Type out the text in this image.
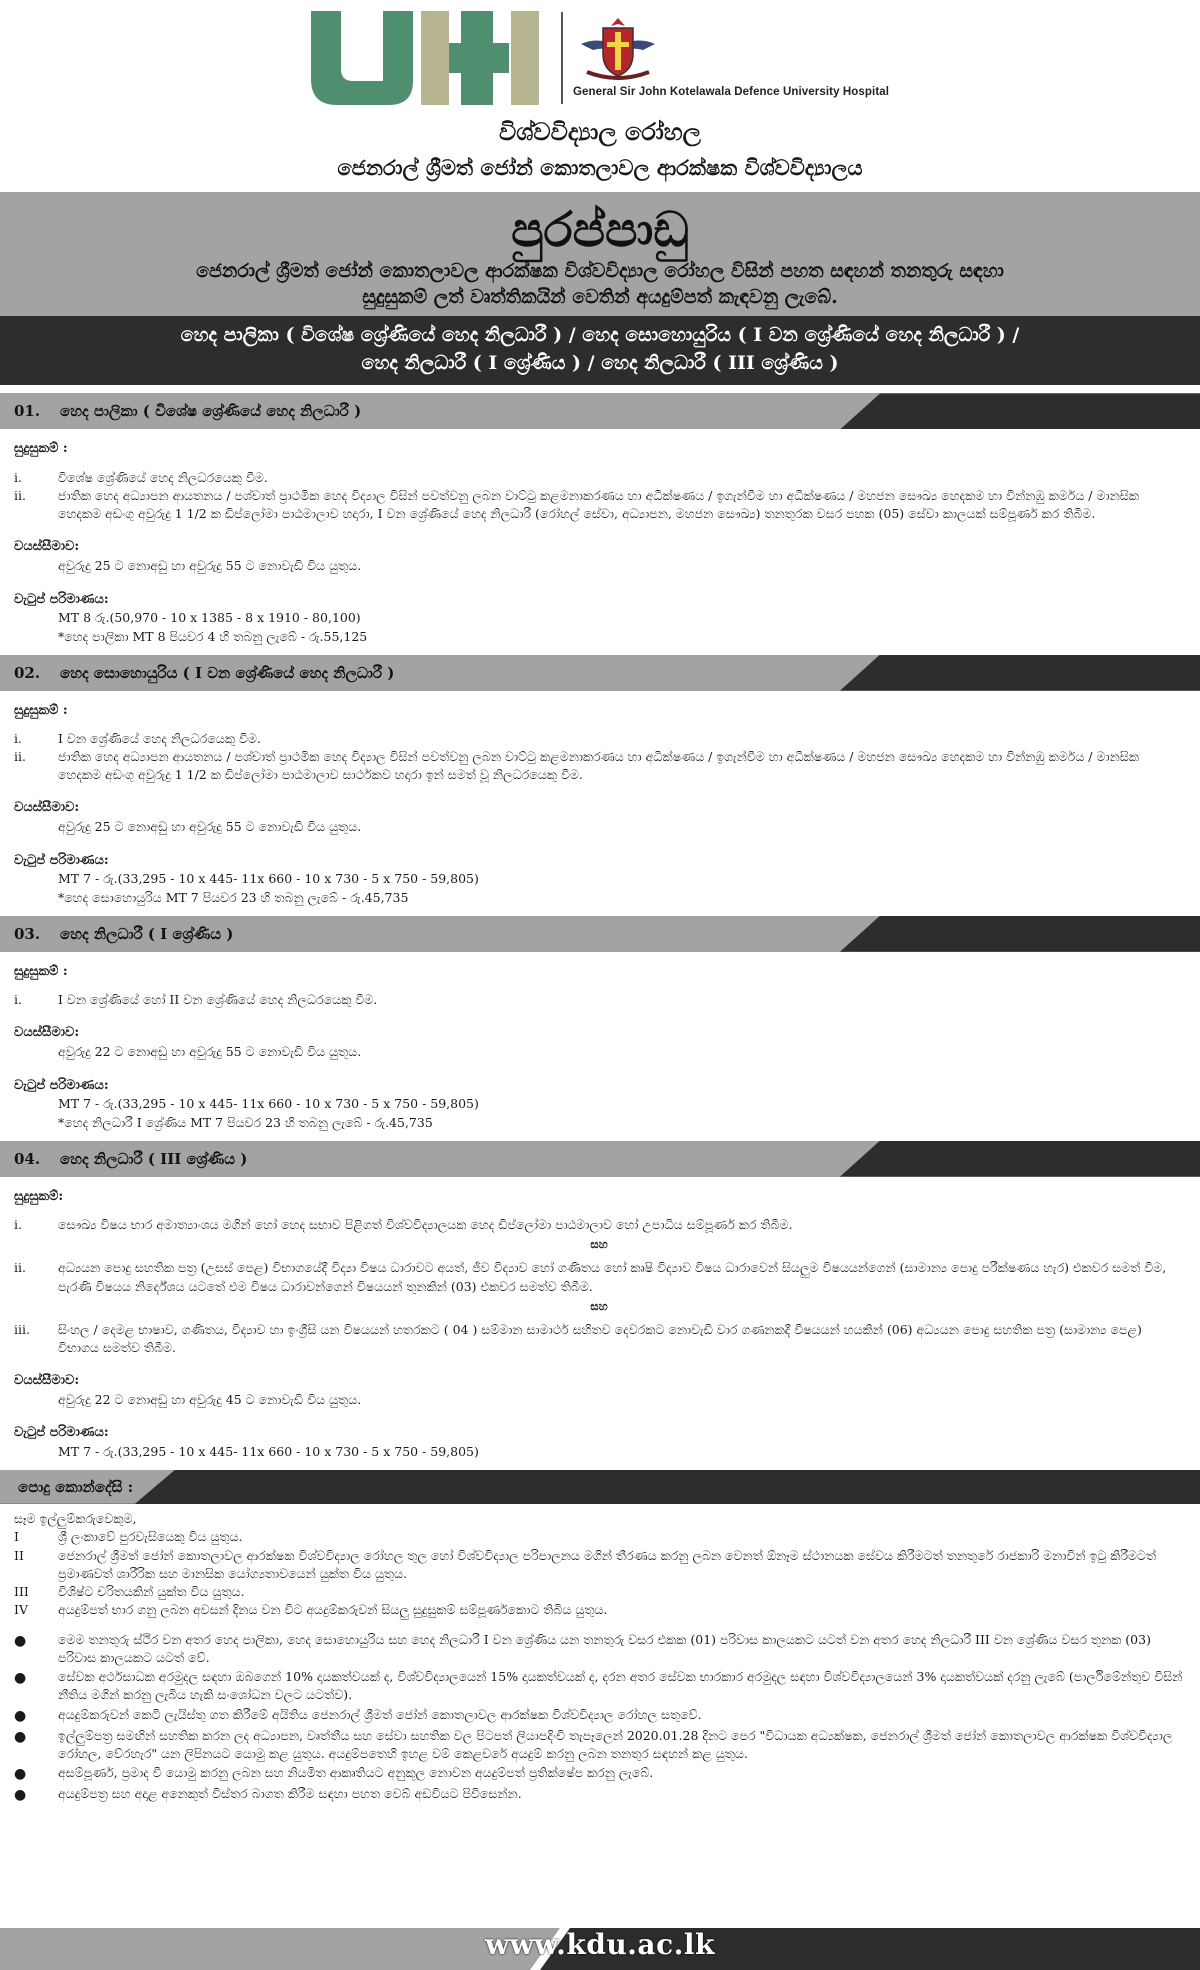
General Sir John Kotelawala Defence University Hospital
විශ්වවිද්‍යාල රෝහල
ජෙනරාල් ශ්‍රීමත් ජෝන් කොතලාවල ආරක්ෂක විශ්වවිද්‍යාලය
පුරප්පාඩු
ජෙනරාල් ශ්‍රීමත් ජෝන් කොතලාවල ආරක්ෂක විශ්වවිද්‍යාල රෝහල විසින් පහත සඳහන් තනතුරු සඳහා
සුදුසුකම් ලත් වෘත්තිකයින් වෙතින් අයදුම්පත් කැඳවනු ලැබේ.
හෙද පාලිකා ( විශේෂ ශ්‍රේණියේ හෙද නිලධාරී ) / හෙද සොහොයුරිය ( I වන ශ්‍රේණියේ හෙද නිලධාරී ) /
හෙද නිලධාරී ( I ශ්‍රේණිය ) / හෙද නිලධාරී ( III ශ්‍රේණිය )
01. හෙද පාලිකා ( විශේෂ ශ්‍රේණියේ හෙද නිලධාරී )
සුදුසුකම් :
i.	විශේෂ ශ්‍රේණියේ හෙද නිලධරයෙකු වීම.
ii.	ජාතික හෙද අධ්‍යාපන ආයතනය / පශ්චාත් ප්‍රාථමික හෙද විද්‍යාල විසින් පවත්වනු ලබන වාට්ටු කළමනාකරණය හා අධීක්ෂණය / ඉගැන්වීම හා අධීක්ෂණය / මහජන සෞඛ්‍ය හෙදකම හා වින්නඹු කර්මය / මානසික හෙදකම අඩංගු අවුරුදු 1 1/2 ක ඩිප්ලෝමා පාඨමාලාව හදාරා, I වන ශ්‍රේණියේ හෙද නිලධාරී (රෝහල් සේවා, අධ්‍යාපන, මහජන සෞඛ්‍ය) තනතුරක වසර පහක (05) සේවා කාලයක් සම්පූර්ණ කර තිබීම.
වයස්සීමාව:
අවුරුදු 25 ට නොඅඩු හා අවුරුදු 55 ට නොවැඩි විය යුතුය.
වැටුප් පරිමාණය:
MT 8 රු.(50,970 - 10 x 1385 - 8 x 1910 - 80,100)
*හෙද පාලිකා MT 8 පියවර 4 හි තබනු ලැබේ - රු.55,125
02. හෙද සොහොයුරිය ( I වන ශ්‍රේණියේ හෙද නිලධාරී )
සුදුසුකම් :
i.	I වන ශ්‍රේණියේ හෙද නිලධරයෙකු වීම.
ii.	ජාතික හෙද අධ්‍යාපන ආයතනය / පශ්චාත් ප්‍රාථමික හෙද විද්‍යාල විසින් පවත්වනු ලබන වාට්ටු කළමනාකරණය හා අධීක්ෂණය / ඉගැන්වීම හා අධීක්ෂණය / මහජන සෞඛ්‍ය හෙදකම හා වින්නඹු කර්මය / මානසික හෙදකම අඩංගු අවුරුදු 1 1/2 ක ඩිප්ලෝමා පාඨමාලාව සාර්ථකව හදාරා ඉන් සමත් වූ නිලධරයෙකු වීම.
වයස්සීමාව:
අවුරුදු 25 ට නොඅඩු හා අවුරුදු 55 ට නොවැඩි විය යුතුය.
වැටුප් පරිමාණය:
MT 7 - රු.(33,295 - 10 x 445- 11x 660 - 10 x 730 - 5 x 750 - 59,805)
*හෙද සොහොයුරිය MT 7 පියවර 23 හි තබනු ලැබේ - රු.45,735
03. හෙද නිලධාරී ( I ශ්‍රේණිය )
සුදුසුකම් :
i.	I වන ශ්‍රේණියේ හෝ II වන ශ්‍රේණියේ හෙද නිලධරයෙකු වීම.
වයස්සීමාව:
අවුරුදු 22 ට නොඅඩු හා අවුරුදු 55 ට නොවැඩි විය යුතුය.
වැටුප් පරිමාණය:
MT 7 - රු.(33,295 - 10 x 445- 11x 660 - 10 x 730 - 5 x 750 - 59,805)
*හෙද නිලධාරී I ශ්‍රේණිය MT 7 පියවර 23 හි තබනු ලැබේ - රු.45,735
04. හෙද නිලධාරී ( III ශ්‍රේණිය )
සුදුසුකම්:
i.	සෞඛ්‍ය විෂය භාර අමාත්‍යාංශය මගින් හෝ හෙද සභාව පිළිගත් විශ්වවිද්‍යාලයක හෙද ඩිප්ලෝමා පාඨමාලාව හෝ උපාධිය සම්පූර්ණ කර තිබීම.
සහ
ii.	අධ්‍යයන පොදු සහතික පත්‍ර (උසස් පෙළ) විභාගයේදී විද්‍යා විෂය ධාරාවට අයත්, ජීව විද්‍යාව හෝ ගණිතය හෝ කෘෂි විද්‍යාව විෂය ධාරාවෙන් සියලුම විෂයයන්ගෙන් (සාමාන්‍ය පොදු පරීක්ෂණය හැර) එකවර සමත් වීම, පැරණි විෂයය නිර්දේශය යටතේ එම විෂය ධාරාවන්ගෙන් විෂයයන් තුනකින් (03) එකවර සමත්ව තිබීම.
සහ
iii.	සිංහල / දෙමළ භාෂාව, ගණිතය, විද්‍යාව හා ඉංග්‍රීසි යන විෂයයන් හතරකට ( 04 ) සම්මාන සාමාර්ථ සහිතව දෙවරකට නොවැඩි වාර ගණනකදී විෂයයන් හයකින් (06) අධ්‍යයන පොදු සහතික පත්‍ර (සාමාන්‍ය පෙළ) විභාගය සමත්ව තිබීම.
වයස්සීමාව:
අවුරුදු 22 ට නොඅඩු හා අවුරුදු 45 ට නොවැඩි විය යුතුය.
වැටුප් පරිමාණය:
MT 7 - රු.(33,295 - 10 x 445- 11x 660 - 10 x 730 - 5 x 750 - 59,805)
පොදු කොන්දේසි :
සෑම ඉල්ලුම්කරුවෙකුම,
I	ශ්‍රී ලංකාවේ පුරවැසියෙකු විය යුතුය.
II	ජෙනරාල් ශ්‍රීමත් ජෝන් කොතලාවල ආරක්ෂක විශ්වවිද්‍යාල රෝහල තුල හෝ විශ්වවිද්‍යාල පරිපාලනය මගින් තීරණය කරනු ලබන වෙනත් ඕනෑම ස්ථානයක සේවය කිරීමටත් තනතුරේ රාජකාරි මනාවින් ඉටු කිරීමටත් ප්‍රමාණවත් ශාරීරික සහ මානසික යෝග්‍යතාවයෙන් යුක්ත විය යුතුය.
III	විශිෂ්ට චරිතයකින් යුක්ත විය යුතුය.
IV	අයදුම්පත් භාර ගනු ලබන අවසන් දිනය වන විට අයදුම්කරුවන් සියලු සුදුසුකම් සම්පූර්ණකොට තිබිය යුතුය.
●	මෙම තනතුරු ස්ථිර වන අතර හෙද පාලිකා, හෙද සොහොයුරිය සහ හෙද නිලධාරී I වන ශ්‍රේණිය යන තනතුරු වසර එකක (01) පරිවාස කාලයකට යටත් වන අතර හෙද නිලධාරී III වන ශ්‍රේණිය වසර තුනක (03) පරිවාස කාලයකට යටත් වේ.
●	සේවක අර්ථසාධක අරමුදල සඳහා ඔබගෙන් 10% දායකත්වයක් ද, විශ්වවිද්‍යාලයෙන් 15% දායකත්වයක් ද, දරන අතර සේවක භාරකාර අරමුදල සඳහා විශ්වවිද්‍යාලයෙන් 3% දායකත්වයක් දරනු ලැබේ (පාර්ලිමේන්තුව විසින් නීතිය මගින් කරනු ලැබිය හැකි සංශෝධන වලට යටත්ව).
●	අයදුම්කරුවන් කෙටි ලැයිස්තු ගත කිරීමේ අයිතිය ජෙනරාල් ශ්‍රීමත් ජෝන් කොතලාවල ආරක්ෂක විශ්වවිද්‍යාල රෝහල සතුවේ.
●	ඉල්ලුම්පත්‍ර සමඟින් සහතික කරන ලද අධ්‍යාපන, වෘත්තීය සහ සේවා සහතික වල පිටපත් ලියාපදිංචි තැපෑලෙන් 2020.01.28 දිනට පෙර "විධායක අධ්‍යක්ෂක, ජෙනරාල් ශ්‍රීමත් ජෝන් කොතලාවල ආරක්ෂක විශ්වවිද්‍යාල රෝහල, වේරහැර" යන ලිපිනයට යොමු කළ යුතුය. අයදුම්පතෙහි ඉහළ වම් කෙළවරේ අයදුම් කරනු ලබන තනතුර සඳහන් කළ යුතුය.
●	අසම්පූර්ණ, ප්‍රමාද වී යොමු කරනු ලබන සහ නියමිත ආකෘතියට අනුකූල නොවන අයදුම්පත් ප්‍රතික්ෂේප කරනු ලැබේ.
●	අයදුම්පත්‍ර සහ අදාළ අනෙකුත් විස්තර බාගත කිරීම සඳහා පහත වෙබ් අඩවියට පිවිසෙන්න.
www.kdu.ac.lk
